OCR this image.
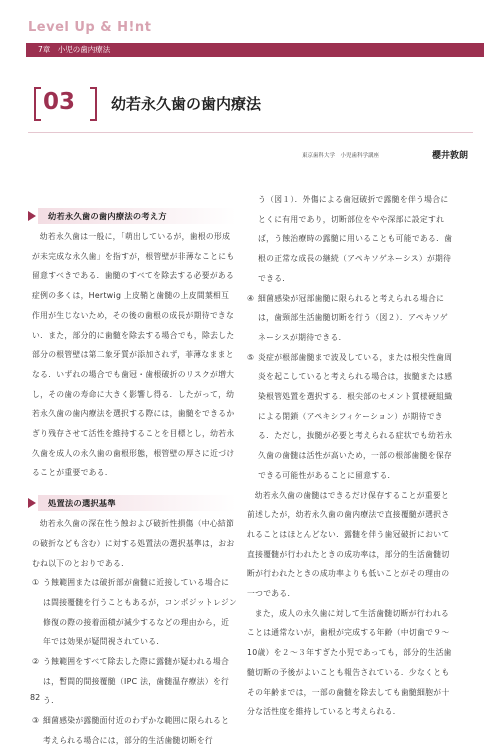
Level Up & H!nt
7章　小児の歯内療法
03 幼若永久歯の歯内療法
東京歯科大学　小児歯科学講座	櫻井敦朗
幼若永久歯の歯内療法の考え方

幼若永久歯は一般に，「萌出しているが，歯根の形成が未完成な永久歯」を指すが，根管壁が非薄なことにも留意すべきである．歯髄のすべてを除去する必要がある症例の多くは，Hertwig 上皮鞘と歯髄の上皮間葉相互作用が生じないため，その後の歯根の成長が期待できない．また，部分的に歯髄を除去する場合でも，除去した部分の根管壁は第二象牙質が添加されず，菲薄なままとなる．いずれの場合でも歯冠・歯根破折のリスクが増大し，その歯の寿命に大きく影響し得る．したがって，幼若永久歯の歯内療法を選択する際には，歯髄をできるかぎり残存させて活性を維持することを目標とし，幼若永久歯を成人の永久歯の歯根形態，根管壁の厚さに近づけることが重要である．

処置法の選択基準

幼若永久歯の深在性う蝕および破折性損傷（中心結節の破折なども含む）に対する処置法の選択基準は，おおむね以下のとおりである．

① う蝕範囲または破折部が歯髄に近接している場合には間接覆髄を行うこともあるが，コンポジットレジン修復の際の接着面積が減少するなどの理由から，近年では効果が疑問視されている．
② う蝕範囲をすべて除去した際に露髄が疑われる場合は，暫間的間接覆髄（IPC 法，歯髄温存療法）を行う．
③ 細菌感染が露髄面付近のわずかな範囲に限られると考えられる場合には，部分的生活歯髄切断を行
う（図１）．外傷による歯冠破折で露髄を伴う場合にとくに有用であり，切断部位をやや深部に設定すれば，う蝕治療時の露髄に用いることも可能である．歯根の正常な成長の継続（アペキソゲネーシス）が期待できる．
④ 細菌感染が冠部歯髄に限られると考えられる場合には，歯頸部生活歯髄切断を行う（図２）．アペキソゲネーシスが期待できる．
⑤ 炎症が根部歯髄まで波及している，または根尖性歯周炎を起こしていると考えられる場合は，抜髄または感染根管処置を選択する．根尖部のセメント質様硬組織による閉鎖（アペキシフィケーション）が期待できる．ただし，抜髄が必要と考えられる症状でも幼若永久歯の歯髄は活性が高いため，一部の根部歯髄を保存できる可能性があることに留意する．

幼若永久歯の歯髄はできるだけ保存することが重要と前述したが，幼若永久歯の歯内療法で直接覆髄が選択されることはほとんどない．露髄を伴う歯冠破折において直接覆髄が行われたときの成功率は，部分的生活歯髄切断が行われたときの成功率よりも低いことがその理由の一つである．

また，成人の永久歯に対して生活歯髄切断が行われることは通常ないが，歯根が完成する年齢（中切歯で９～10歳）を２～３年すぎた小児であっても，部分的生活歯髄切断の予後がよいことも報告されている．少なくともその年齢までは，一部の歯髄を除去しても歯髄細胞が十分な活性度を維持していると考えられる．

82
